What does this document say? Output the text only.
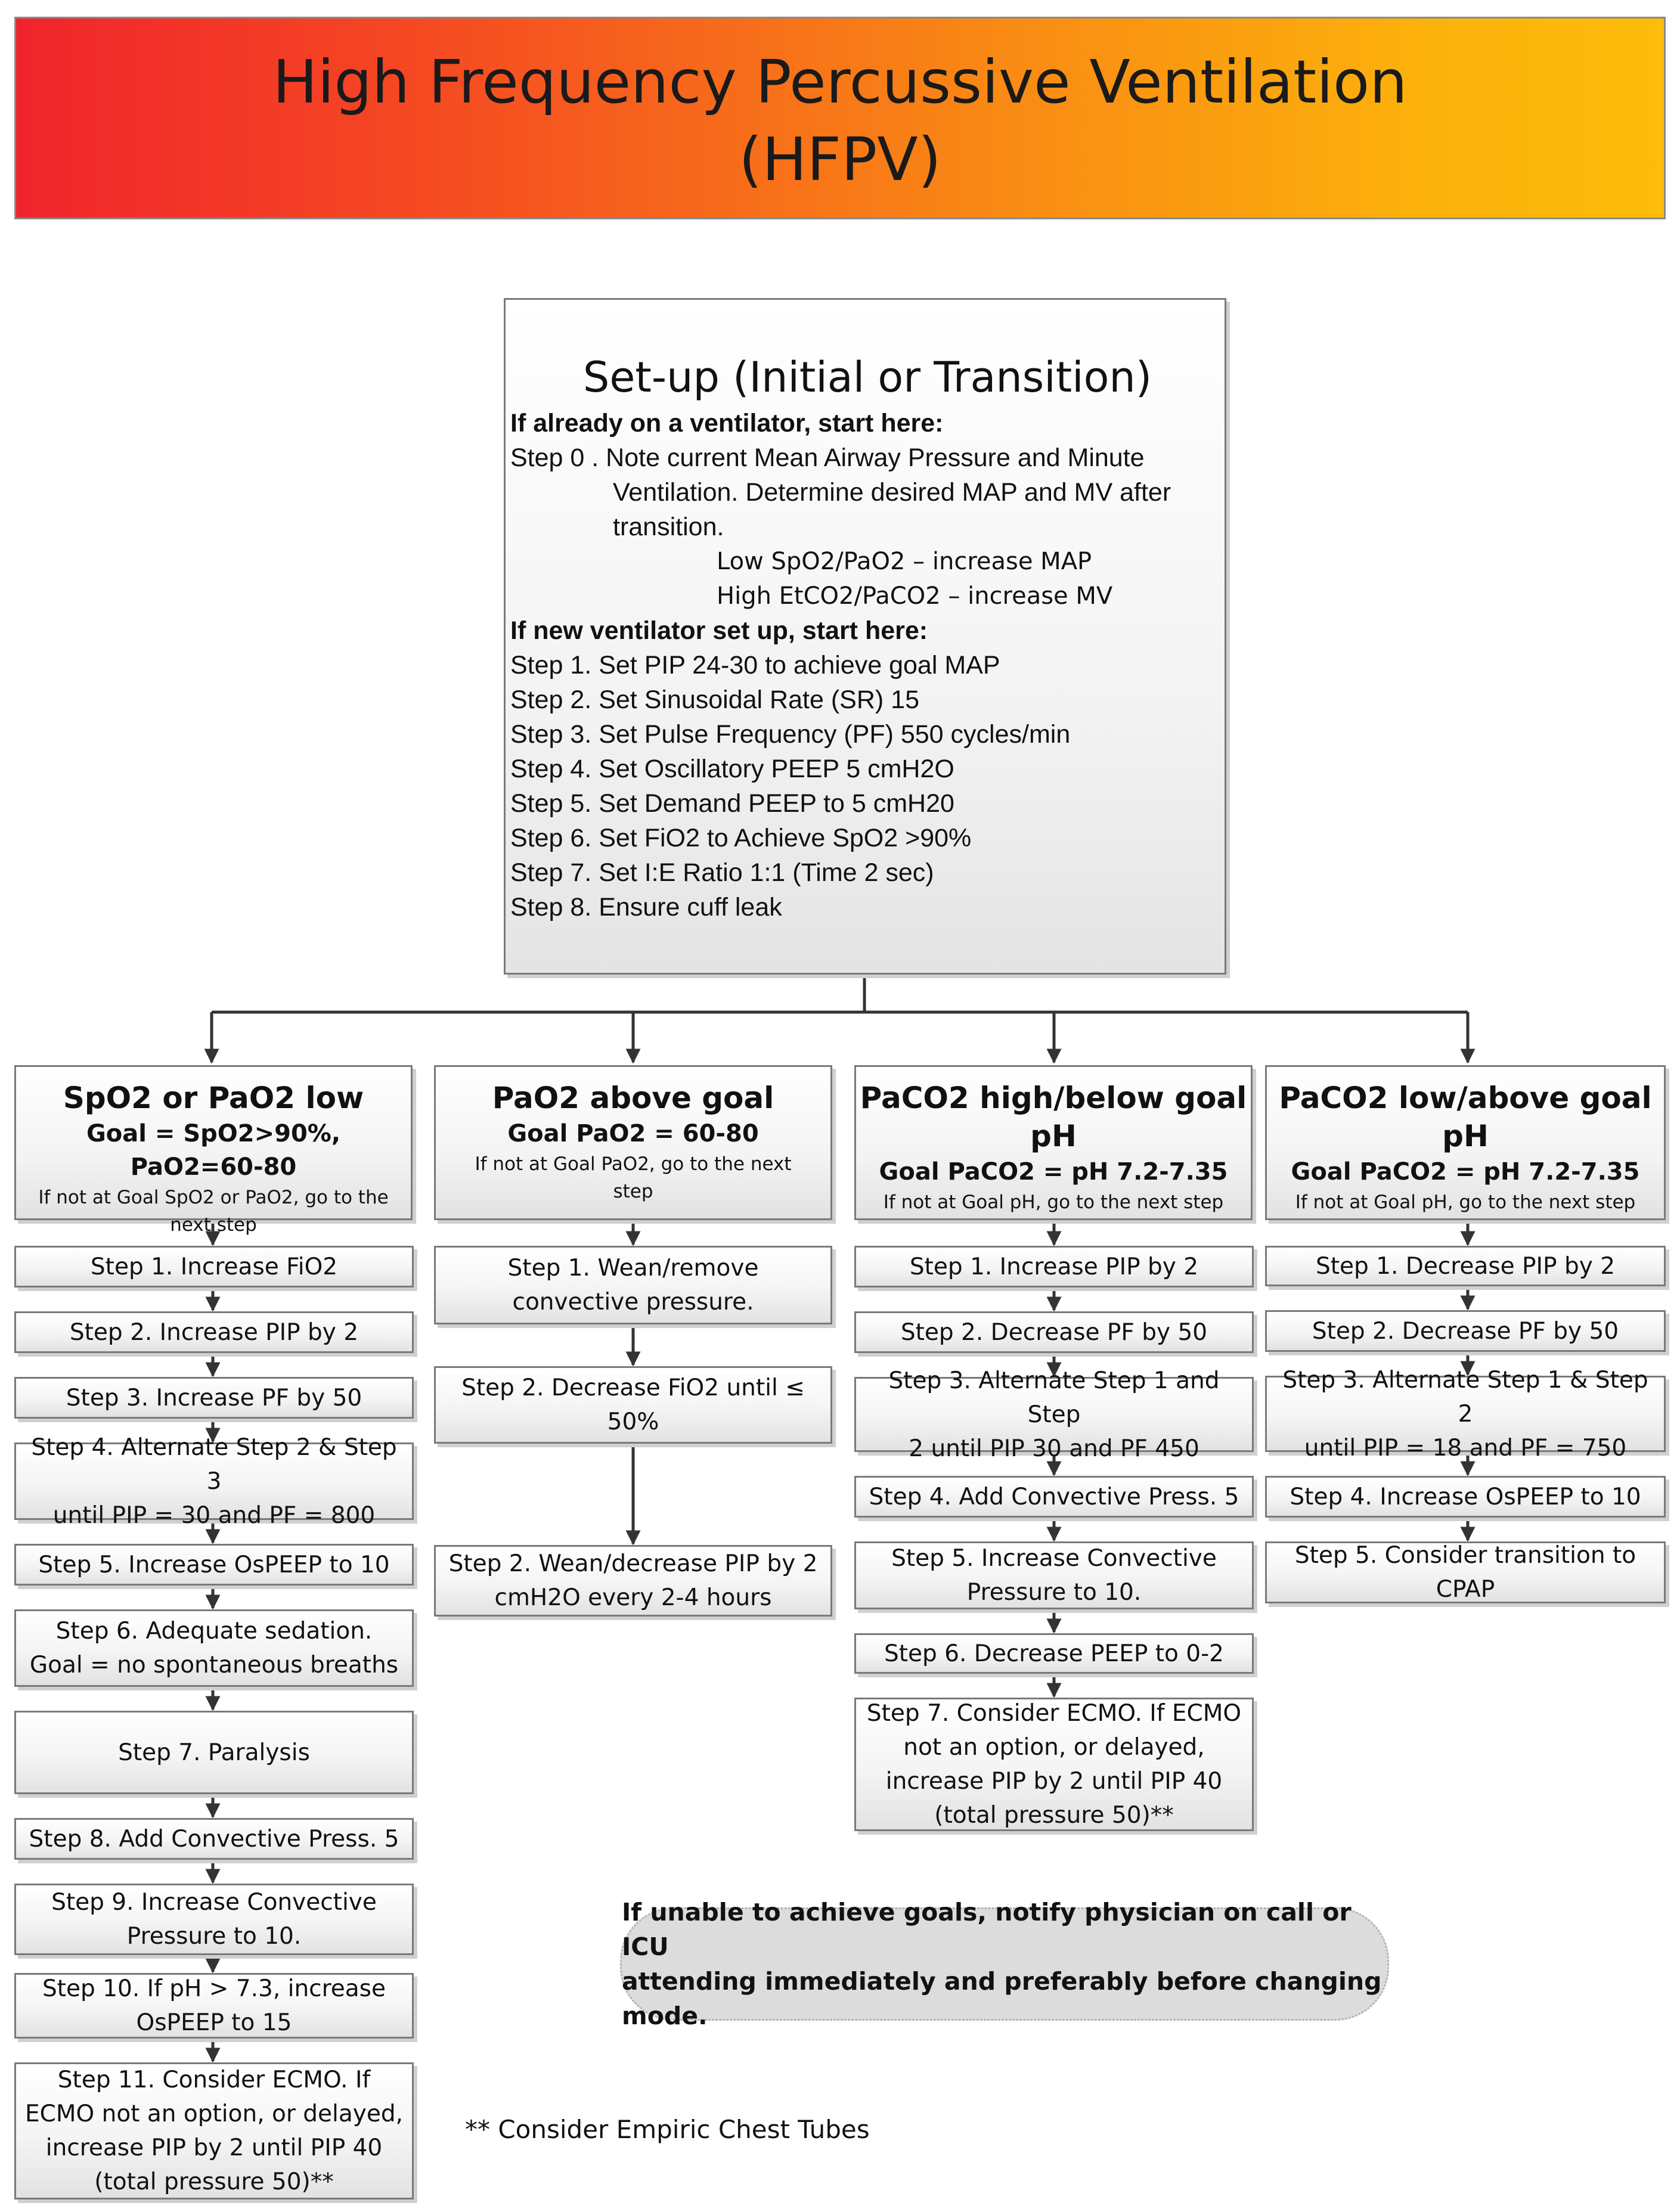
High Frequency Percussive Ventilation
(HFPV)
Set-up (Initial or Transition)
If already on a ventilator, start here:
Step 0 . Note current Mean Airway Pressure and Minute
Ventilation. Determine desired MAP and MV after
transition.
Low SpO2/PaO2 – increase MAP
High EtCO2/PaCO2 – increase MV
If new ventilator set up, start here:
Step 1. Set PIP 24-30 to achieve goal MAP
Step 2. Set Sinusoidal Rate (SR) 15
Step 3. Set Pulse Frequency (PF) 550 cycles/min
Step 4. Set Oscillatory PEEP 5 cmH2O
Step 5. Set Demand PEEP to 5 cmH20
Step 6. Set FiO2 to Achieve SpO2 >90%
Step 7. Set I:E Ratio 1:1 (Time 2 sec)
Step 8. Ensure cuff leak
SpO2 or PaO2 low
Goal = SpO2>90%, PaO2=60-80
If not at Goal SpO2 or PaO2, go to the
next step
PaO2 above goal
Goal PaO2 = 60-80
If not at Goal PaO2, go to the next step
PaCO2 high/below goal pH
Goal PaCO2 = pH 7.2-7.35
If not at Goal pH, go to the next step
PaCO2 low/above goal pH
Goal PaCO2 = pH 7.2-7.35
If not at Goal pH, go to the next step
Step 1. Increase FiO2
Step 2. Increase PIP by 2
Step 3. Increase PF by 50
Step 4. Alternate Step 2 & Step 3
until PIP = 30 and PF = 800
Step 5. Increase OsPEEP to 10
Step 6. Adequate sedation.
Goal = no spontaneous breaths
Step 7. Paralysis
Step 8. Add Convective Press. 5
Step 9. Increase Convective
Pressure to 10.
Step 10. If pH > 7.3, increase
OsPEEP to 15
Step 11. Consider ECMO. If
ECMO not an option, or delayed,
increase PIP by 2 until PIP 40
(total pressure 50)**
Step 1. Wean/remove
convective pressure.
Step 2. Decrease FiO2 until ≤
50%
Step 2. Wean/decrease PIP by 2
cmH2O every 2-4 hours
Step 1. Increase PIP by 2
Step 2. Decrease PF by 50
Step 3. Alternate Step 1 and Step
2 until PIP 30 and PF 450
Step 4. Add Convective Press. 5
Step 5. Increase Convective
Pressure to 10.
Step 6. Decrease PEEP to 0-2
Step 7. Consider ECMO. If ECMO
not an option, or delayed,
increase PIP by 2 until PIP 40
(total pressure 50)**
Step 1. Decrease PIP by 2
Step 2. Decrease PF by 50
Step 3. Alternate Step 1 & Step 2
until PIP = 18 and PF = 750
Step 4. Increase OsPEEP to 10
Step 5. Consider transition to
CPAP
If unable to achieve goals, notify physician on call or ICU
attending immediately and preferably before changing mode.
** Consider Empiric Chest Tubes
